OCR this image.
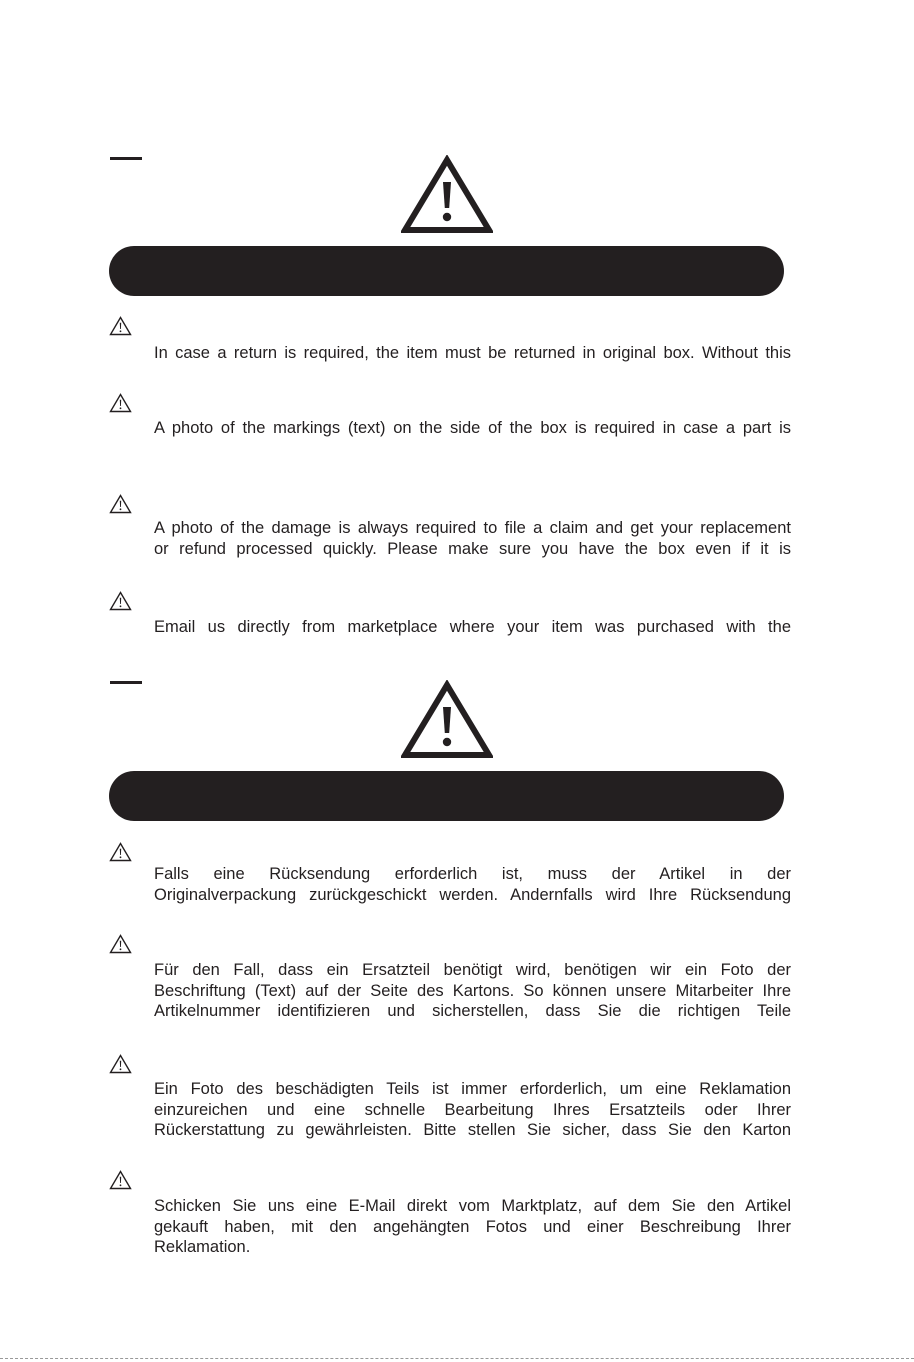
In case a return is required, the item must be returned in original box. Without this
A photo of the markings (text) on the side of the box is required in case a part is
A photo of the damage is always required to file a claim and get your replacement
or refund processed quickly. Please make sure you have the box even if it is
Email us directly from marketplace where your item was purchased with the
Falls eine Rücksendung erforderlich ist, muss der Artikel in der
Originalverpackung zurückgeschickt werden. Andernfalls wird Ihre Rücksendung
Für den Fall, dass ein Ersatzteil benötigt wird, benötigen wir ein Foto der
Beschriftung (Text) auf der Seite des Kartons. So können unsere Mitarbeiter Ihre
Artikelnummer identifizieren und sicherstellen, dass Sie die richtigen Teile
Ein Foto des beschädigten Teils ist immer erforderlich, um eine Reklamation
einzureichen und eine schnelle Bearbeitung Ihres Ersatzteils oder Ihrer
Rückerstattung zu gewährleisten. Bitte stellen Sie sicher, dass Sie den Karton
Schicken Sie uns eine E-Mail direkt vom Marktplatz, auf dem Sie den Artikel
gekauft haben, mit den angehängten Fotos und einer Beschreibung Ihrer
Reklamation.
